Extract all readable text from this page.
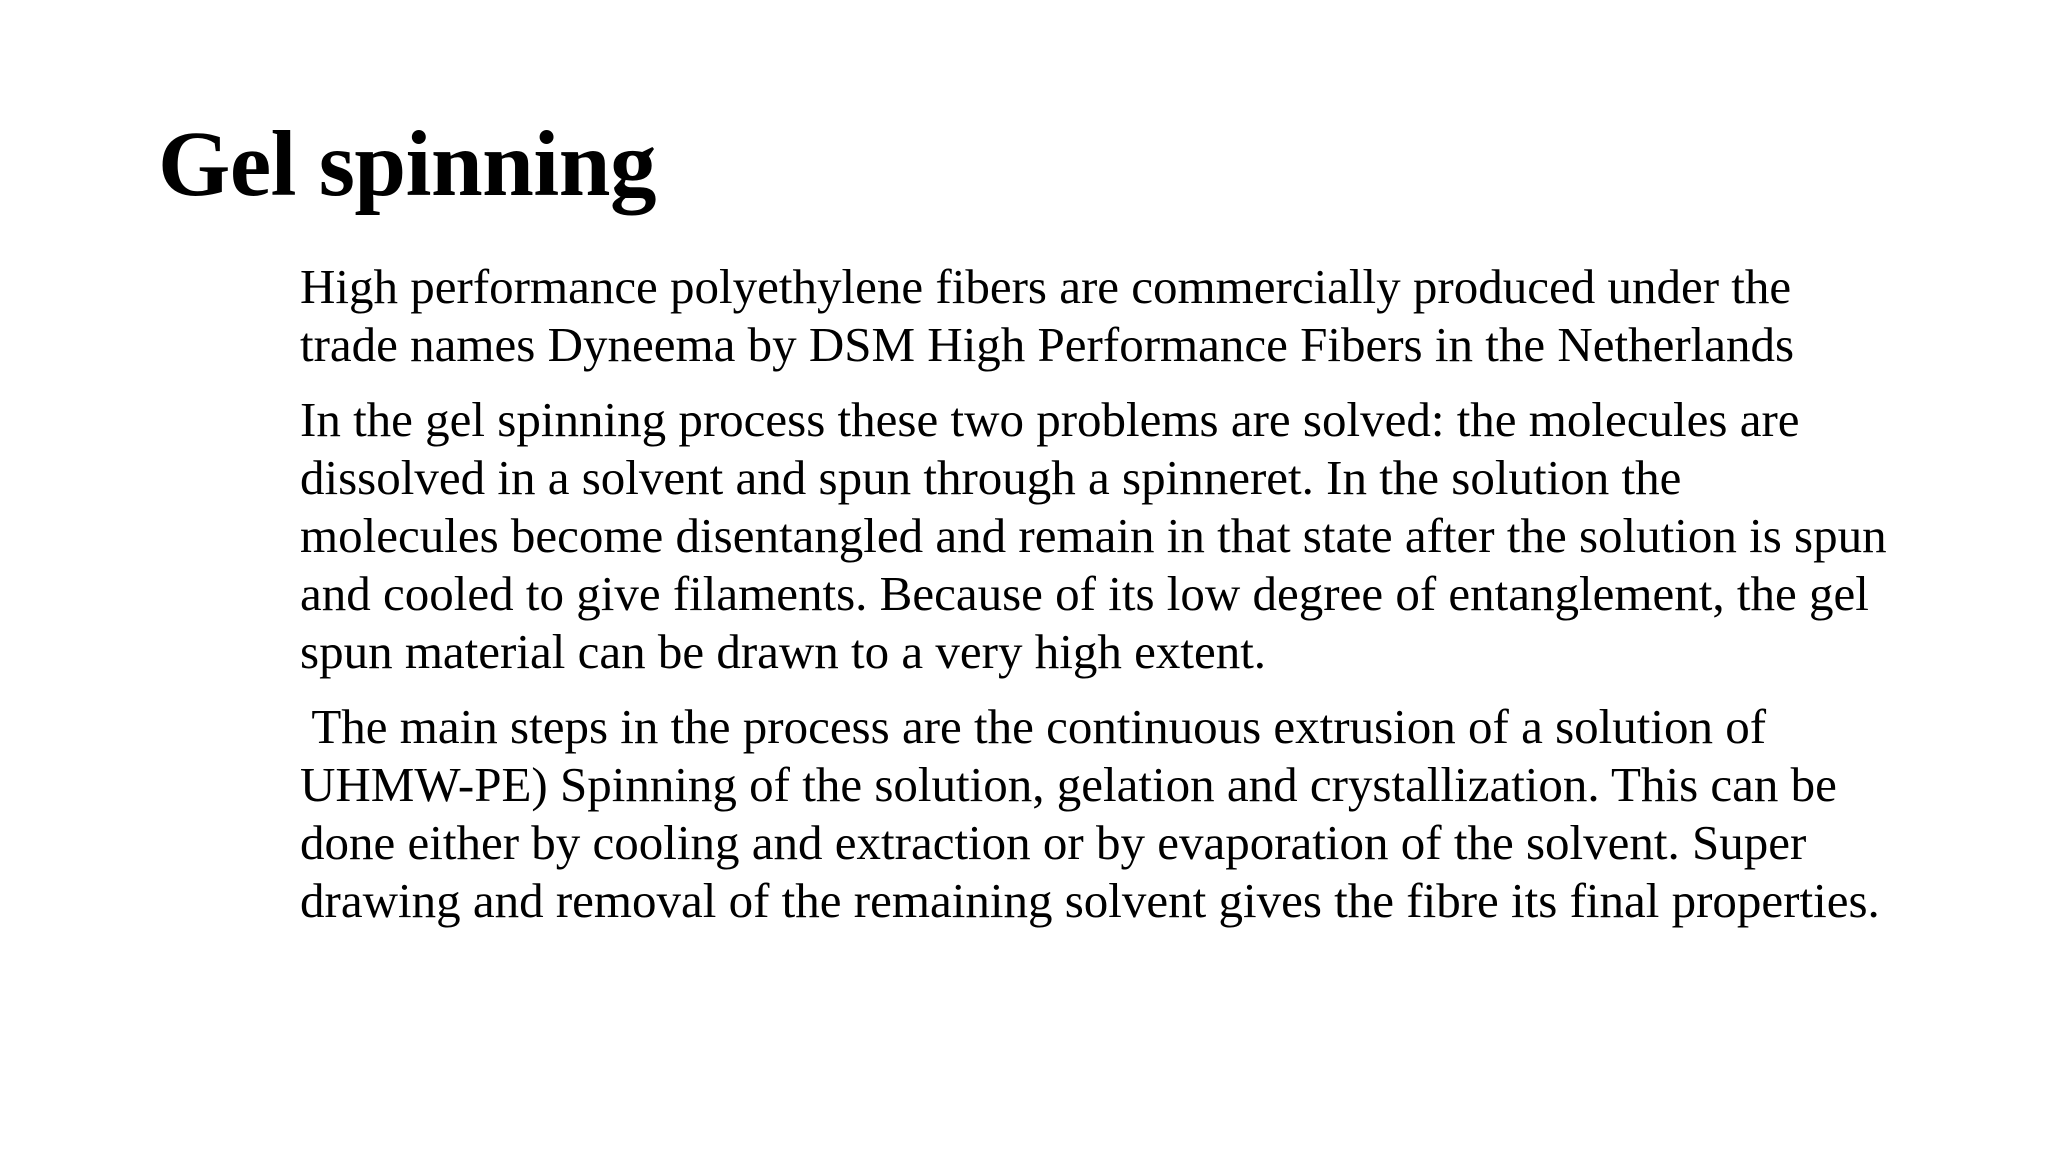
Gel spinning

High performance polyethylene fibers are commercially produced under the
trade names Dyneema by DSM High Performance Fibers in the Netherlands

In the gel spinning process these two problems are solved: the molecules are
dissolved in a solvent and spun through a spinneret. In the solution the
molecules become disentangled and remain in that state after the solution is spun
and cooled to give filaments. Because of its low degree of entanglement, the gel
spun material can be drawn to a very high extent.

The main steps in the process are the continuous extrusion of a solution of
UHMW-PE) Spinning of the solution, gelation and crystallization. This can be
done either by cooling and extraction or by evaporation of the solvent. Super
drawing and removal of the remaining solvent gives the fibre its final properties.
